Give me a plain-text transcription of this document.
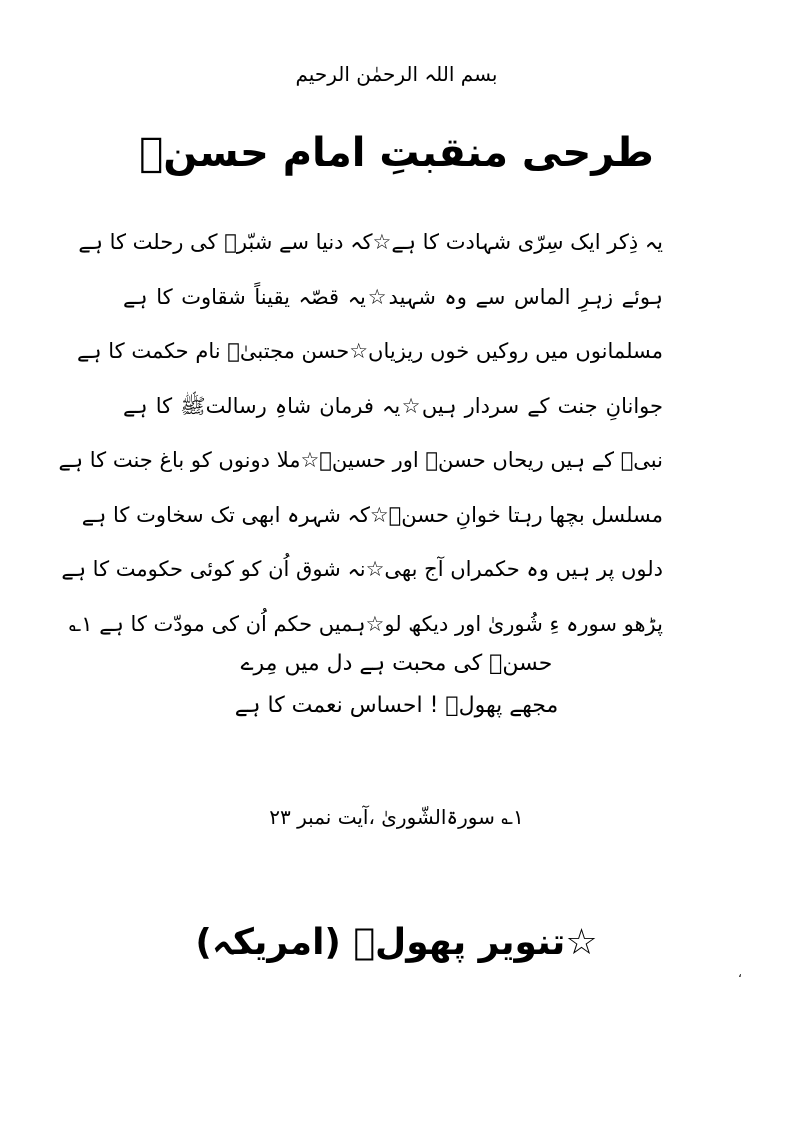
بسم اللہ الرحمٰن الرحیم
طرحی منقبتِ امام حسنؑ
یہ ذِکر ایک سِرّی شہادت کا ہے☆کہ دنیا سے شبّرؑ کی رحلت کا ہے
ہوئے زہرِ الماس سے وہ شہید☆یہ قصّہ یقیناً شقاوت کا ہے
مسلمانوں میں روکیں خوں ریزیاں☆حسن مجتبیٰؑ نام حکمت کا ہے
جوانانِ جنت کے سردار ہیں☆یہ فرمان شاہِ رسالتﷺ کا ہے
نبیﷺ کے ہیں ریحاں حسنؑ اور حسینؑ☆ملا دونوں کو باغ جنت کا ہے
مسلسل بچھا رہتا خوانِ حسنؑ☆کہ شہرہ ابھی تک سخاوت کا ہے
دلوں پر ہیں وہ حکمراں آج بھی☆نہ شوق اُن کو کوئی حکومت کا ہے
پڑھو سورہ ءِ شُوریٰ اور دیکھ لو☆ہمیں حکم اُن کی مودّت کا ہے ۱؎
حسنؑ کی محبت ہے دل میں مِرے
مجھے پھولؔ ! احساس نعمت کا ہے
۱؎ سورۃالشّوریٰ ،آیت نمبر ۲۳
☆تنویر پھولؔ (امریکہ)
،
